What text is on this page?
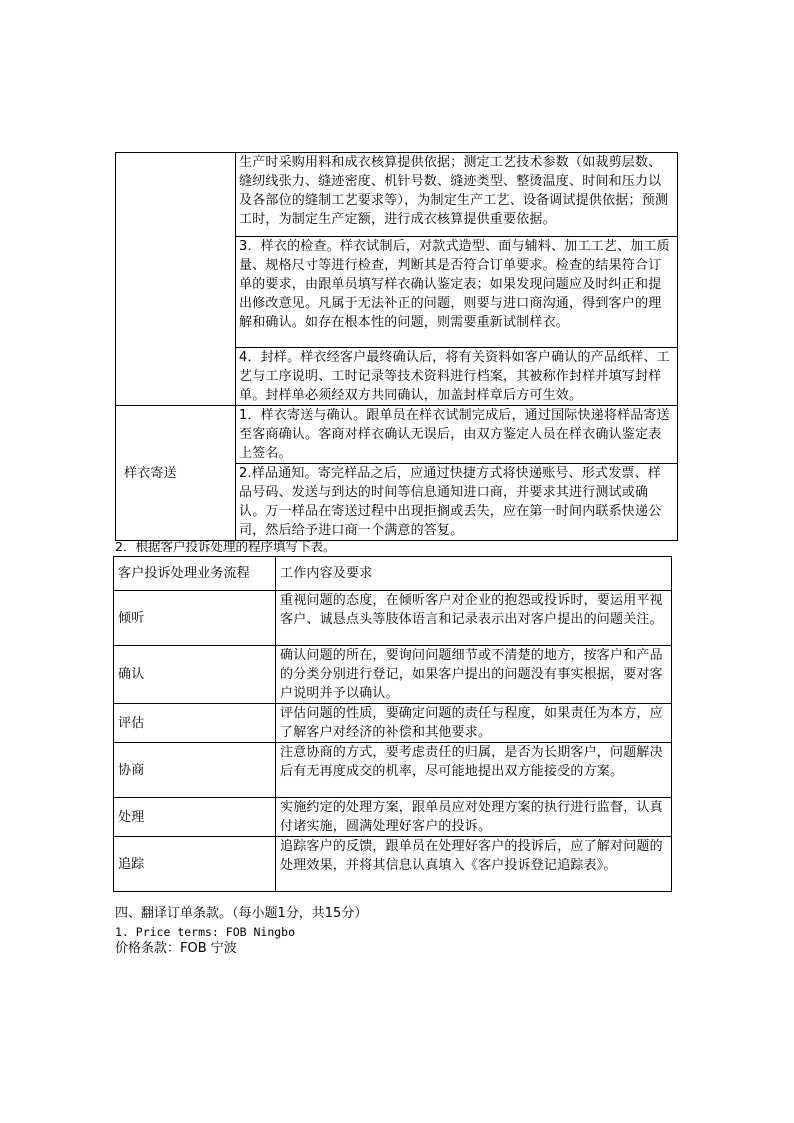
	生产时采购用料和成衣核算提供依据；测定工艺技术参数（如裁剪层数、缝纫线张力、缝迹密度、机针号数、缝迹类型、整烫温度、时间和压力以及各部位的缝制工艺要求等），为制定生产工艺、设备调试提供依据；预测工时，为制定生产定额，进行成衣核算提供重要依据。
	3．样衣的检查。样衣试制后，对款式造型、面与辅料、加工工艺、加工质量、规格尺寸等进行检查，判断其是否符合订单要求。检查的结果符合订单的要求，由跟单员填写样衣确认鉴定表；如果发现问题应及时纠正和提出修改意见。凡属于无法补正的问题，则要与进口商沟通，得到客户的理解和确认。如存在根本性的问题，则需要重新试制样衣。
	4．封样。样衣经客户最终确认后，将有关资料如客户确认的产品纸样、工艺与工序说明、工时记录等技术资料进行档案，其被称作封样并填写封样单。封样单必须经双方共同确认，加盖封样章后方可生效。
样衣寄送	1．样衣寄送与确认。跟单员在样衣试制完成后，通过国际快递将样品寄送至客商确认。客商对样衣确认无误后，由双方鉴定人员在样衣确认鉴定表上签名。
	2.样品通知。寄完样品之后，应通过快捷方式将快递账号、形式发票、样品号码、发送与到达的时间等信息通知进口商，并要求其进行测试或确认。万一样品在寄送过程中出现拒搁或丢失，应在第一时间内联系快递公司，然后给予进口商一个满意的答复。
2．根据客户投诉处理的程序填写下表。
客户投诉处理业务流程	工作内容及要求
倾听	重视问题的态度，在倾听客户对企业的抱怨或投诉时，要运用平视客户、诚恳点头等肢体语言和记录表示出对客户提出的问题关注。
确认	确认问题的所在，要询问问题细节或不清楚的地方，按客户和产品的分类分别进行登记，如果客户提出的问题没有事实根据，要对客户说明并予以确认。
评估	评估问题的性质，要确定问题的责任与程度，如果责任为本方，应了解客户对经济的补偿和其他要求。
协商	注意协商的方式，要考虑责任的归属，是否为长期客户，问题解决后有无再度成交的机率，尽可能地提出双方能接受的方案。
处理	实施约定的处理方案，跟单员应对处理方案的执行进行监督，认真付诸实施，圆满处理好客户的投诉。
追踪	追踪客户的反馈，跟单员在处理好客户的投诉后，应了解对问题的处理效果，并将其信息认真填入《客户投诉登记追踪表》。
四、翻译订单条款。（每小题1分，共15分）
1. Price terms: FOB Ningbo
价格条款：FOB 宁波
